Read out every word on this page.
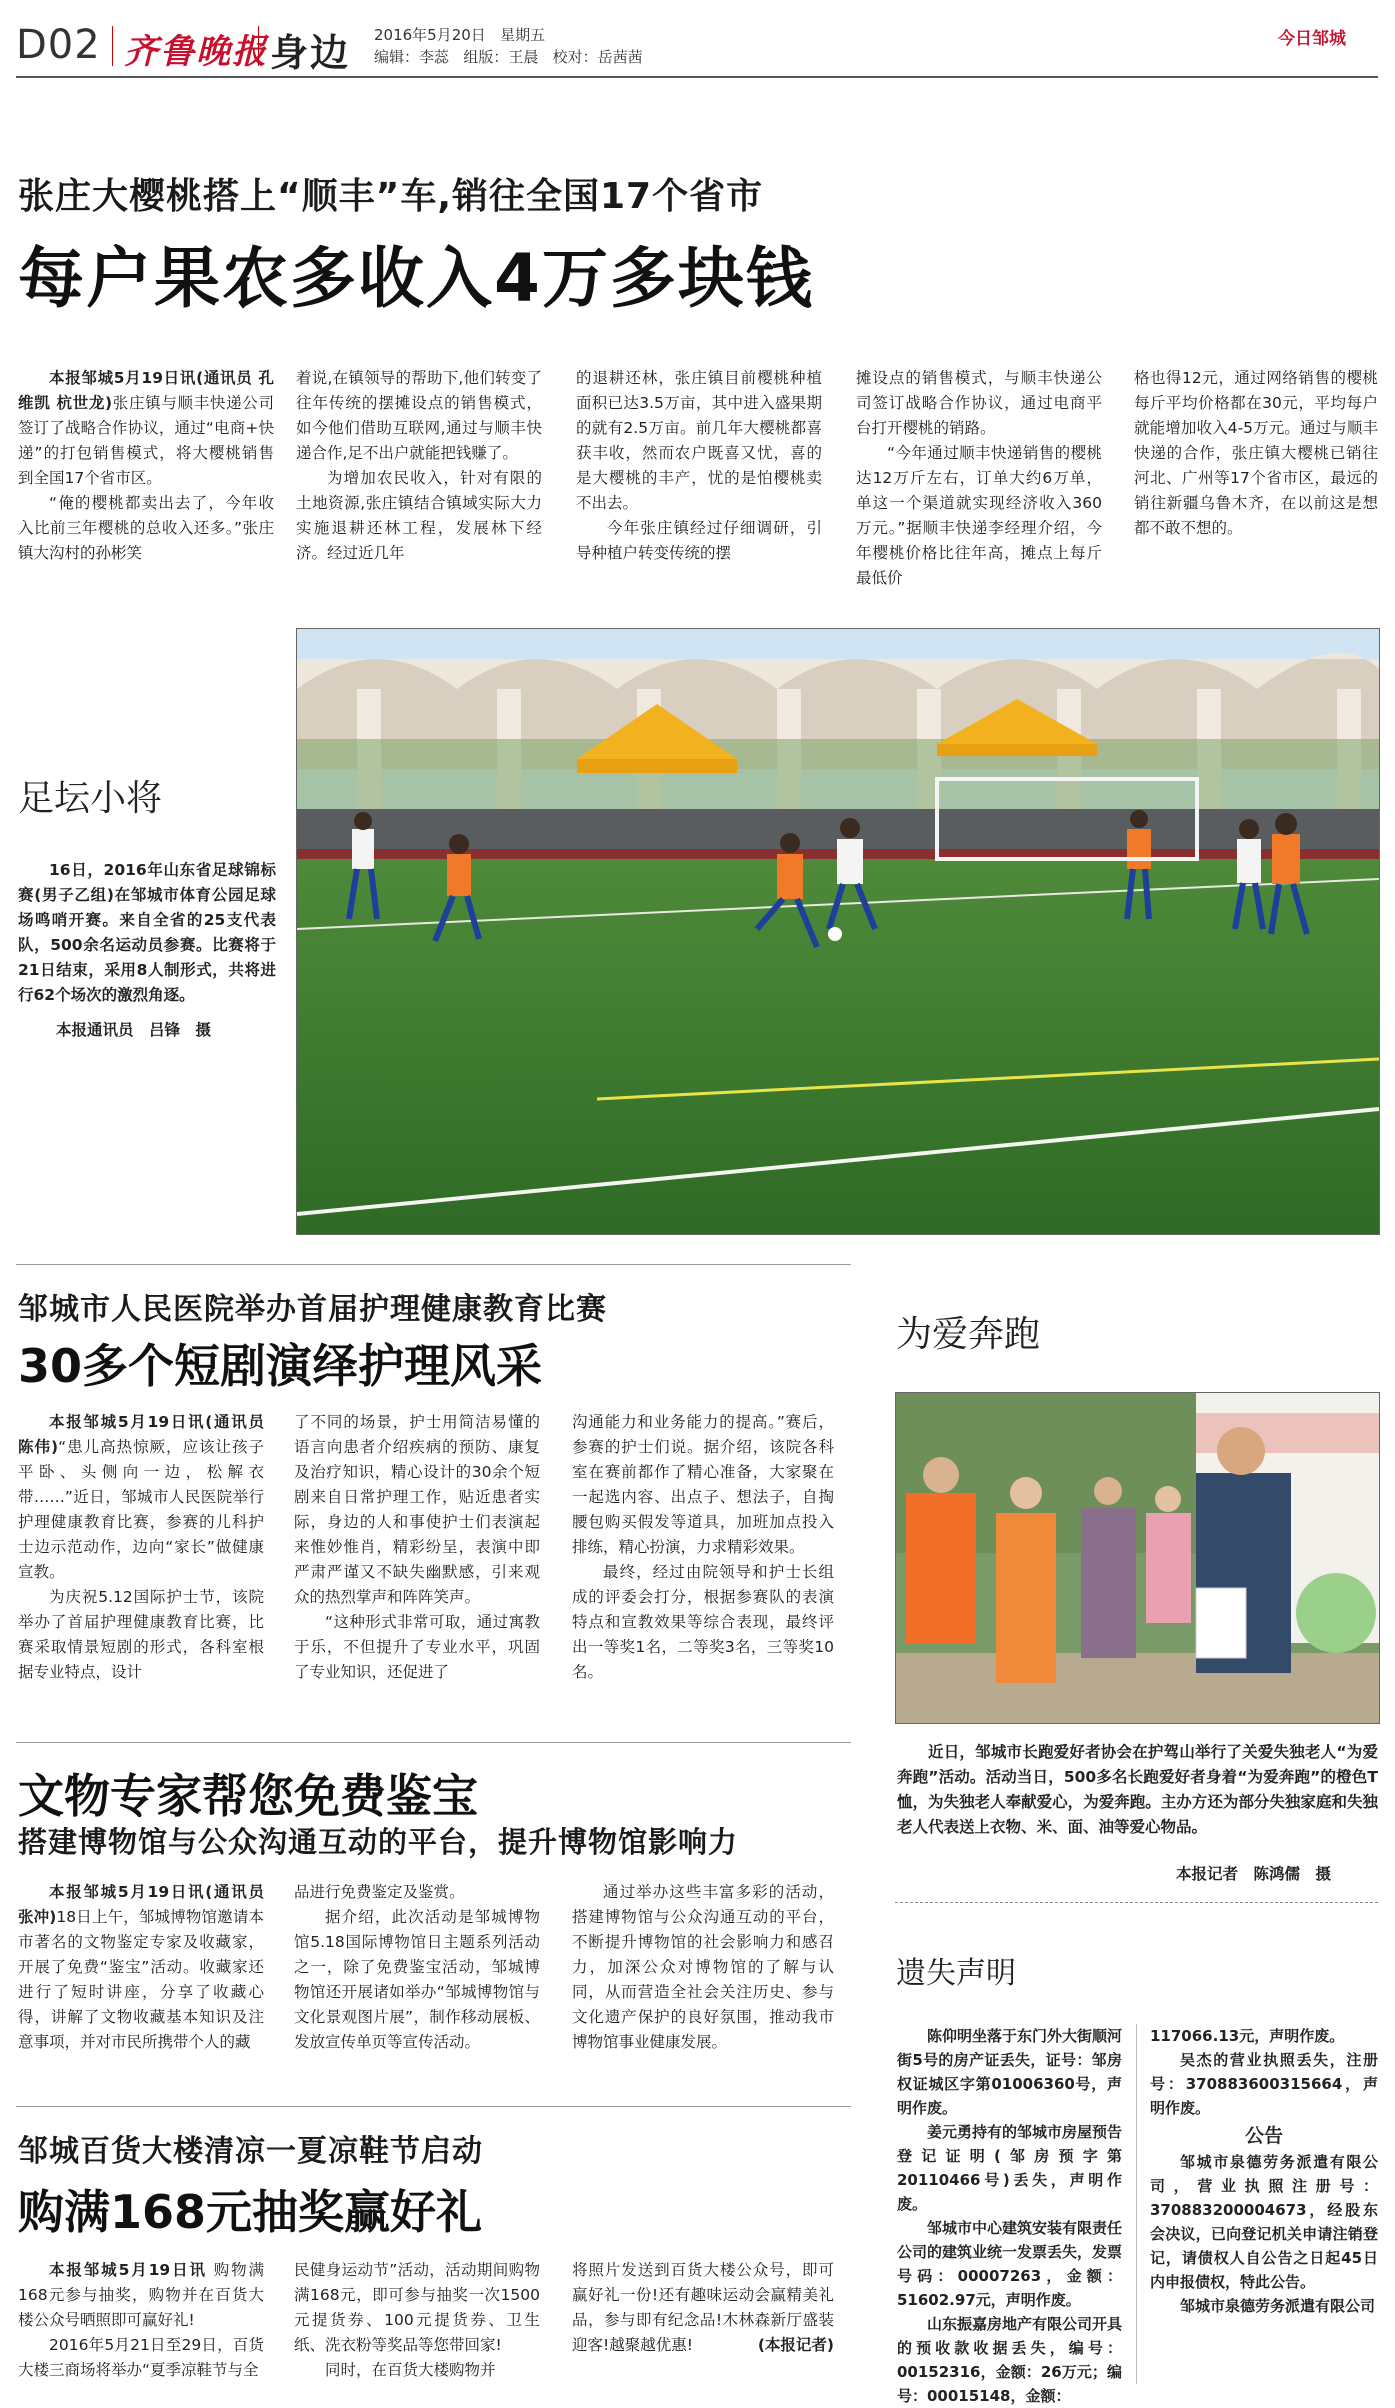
D02 齐鲁晚报 身边 2016年5月20日 星期五
编辑：李蕊 组版：王晨 校对：岳茜茜
今日邹城
张庄大樱桃搭上“顺丰”车,销往全国17个省市
每户果农多收入4万多块钱

本报邹城5月19日讯(通讯员 孔维凯 杭世龙)张庄镇与顺丰快递公司签订了战略合作协议，通过“电商+快递”的打包销售模式，将大樱桃销售到全国17个省市区。

“俺的樱桃都卖出去了，今年收入比前三年樱桃的总收入还多。”张庄镇大沟村的孙彬笑

着说,在镇领导的帮助下,他们转变了往年传统的摆摊设点的销售模式，如今他们借助互联网,通过与顺丰快递合作,足不出户就能把钱赚了。

为增加农民收入，针对有限的土地资源,张庄镇结合镇域实际大力实施退耕还林工程，发展林下经济。经过近几年

的退耕还林，张庄镇目前樱桃种植面积已达3.5万亩，其中进入盛果期的就有2.5万亩。前几年大樱桃都喜获丰收，然而农户既喜又忧，喜的是大樱桃的丰产，忧的是怕樱桃卖不出去。

今年张庄镇经过仔细调研，引导种植户转变传统的摆

摊设点的销售模式，与顺丰快递公司签订战略合作协议，通过电商平台打开樱桃的销路。

“今年通过顺丰快递销售的樱桃达12万斤左右，订单大约6万单，单这一个渠道就实现经济收入360万元。”据顺丰快递李经理介绍，今年樱桃价格比往年高，摊点上每斤最低价

格也得12元，通过网络销售的樱桃每斤平均价格都在30元，平均每户就能增加收入4-5万元。通过与顺丰快递的合作，张庄镇大樱桃已销往河北、广州等17个省市区，最远的销往新疆乌鲁木齐，在以前这是想都不敢不想的。

足坛小将

16日，2016年山东省足球锦标赛(男子乙组)在邹城市体育公园足球场鸣哨开赛。来自全省的25支代表队，500余名运动员参赛。比赛将于21日结束，采用8人制形式，共将进行62个场次的激烈角逐。

本报通讯员　吕锋　摄
邹城市人民医院举办首届护理健康教育比赛
30多个短剧演绎护理风采

本报邹城5月19日讯(通讯员 陈伟)“患儿高热惊厥，应该让孩子平卧、头侧向一边，松解衣带……”近日，邹城市人民医院举行护理健康教育比赛，参赛的儿科护士边示范动作，边向“家长”做健康宣教。

为庆祝5.12国际护士节，该院举办了首届护理健康教育比赛，比赛采取情景短剧的形式，各科室根据专业特点，设计

了不同的场景，护士用简洁易懂的语言向患者介绍疾病的预防、康复及治疗知识，精心设计的30余个短剧来自日常护理工作，贴近患者实际，身边的人和事使护士们表演起来惟妙惟肖，精彩纷呈，表演中即严肃严谨又不缺失幽默感，引来观众的热烈掌声和阵阵笑声。

“这种形式非常可取，通过寓教于乐，不但提升了专业水平，巩固了专业知识，还促进了

沟通能力和业务能力的提高。”赛后，参赛的护士们说。据介绍，该院各科室在赛前都作了精心准备，大家聚在一起选内容、出点子、想法子，自掏腰包购买假发等道具，加班加点投入排练，精心扮演，力求精彩效果。

最终，经过由院领导和护士长组成的评委会打分，根据参赛队的表演特点和宣教效果等综合表现，最终评出一等奖1名，二等奖3名，三等奖10名。

为爱奔跑

近日，邹城市长跑爱好者协会在护驾山举行了关爱失独老人“为爱奔跑”活动。活动当日，500多名长跑爱好者身着“为爱奔跑”的橙色T恤，为失独老人奉献爱心，为爱奔跑。主办方还为部分失独家庭和失独老人代表送上衣物、米、面、油等爱心物品。

本报记者　陈鸿儒　摄
文物专家帮您免费鉴宝
搭建博物馆与公众沟通互动的平台，提升博物馆影响力

本报邹城5月19日讯(通讯员 张冲)18日上午，邹城博物馆邀请本市著名的文物鉴定专家及收藏家，开展了免费“鉴宝”活动。收藏家还进行了短时讲座，分享了收藏心得，讲解了文物收藏基本知识及注意事项，并对市民所携带个人的藏

品进行免费鉴定及鉴赏。

据介绍，此次活动是邹城博物馆5.18国际博物馆日主题系列活动之一，除了免费鉴宝活动，邹城博物馆还开展诸如举办“邹城博物馆与文化景观图片展”，制作移动展板、发放宣传单页等宣传活动。

通过举办这些丰富多彩的活动，搭建博物馆与公众沟通互动的平台，不断提升博物馆的社会影响力和感召力，加深公众对博物馆的了解与认同，从而营造全社会关注历史、参与文化遗产保护的良好氛围，推动我市博物馆事业健康发展。

邹城百货大楼清凉一夏凉鞋节启动
购满168元抽奖赢好礼

本报邹城5月19日讯 购物满168元参与抽奖，购物并在百货大楼公众号晒照即可赢好礼!

2016年5月21日至29日，百货大楼三商场将举办“夏季凉鞋节与全

民健身运动节”活动，活动期间购物满168元，即可参与抽奖一次1500元提货券、100元提货券、卫生纸、洗衣粉等奖品等您带回家!

同时，在百货大楼购物并

将照片发送到百货大楼公众号，即可赢好礼一份!还有趣味运动会赢精美礼品，参与即有纪念品!木林森新厅盛装迎客!越聚越优惠!	(本报记者)

遗失声明

陈仰明坐落于东门外大街顺河街5号的房产证丢失，证号：邹房权证城区字第01006360号，声明作废。

姜元勇持有的邹城市房屋预告登记证明(邹房预字第20110466号)丢失，声明作废。

邹城市中心建筑安装有限责任公司的建筑业统一发票丢失，发票号码：00007263，金额：51602.97元，声明作废。

山东振嘉房地产有限公司开具的预收款收据丢失，编号：00152316，金额：26万元；编号：00015148，金额：

117066.13元，声明作废。

吴杰的营业执照丢失，注册号：370883600315664，声明作废。

公告

邹城市泉德劳务派遣有限公司，营业执照注册号：370883200004673，经股东会决议，已向登记机关申请注销登记，请债权人自公告之日起45日内申报债权，特此公告。

邹城市泉德劳务派遣有限公司
